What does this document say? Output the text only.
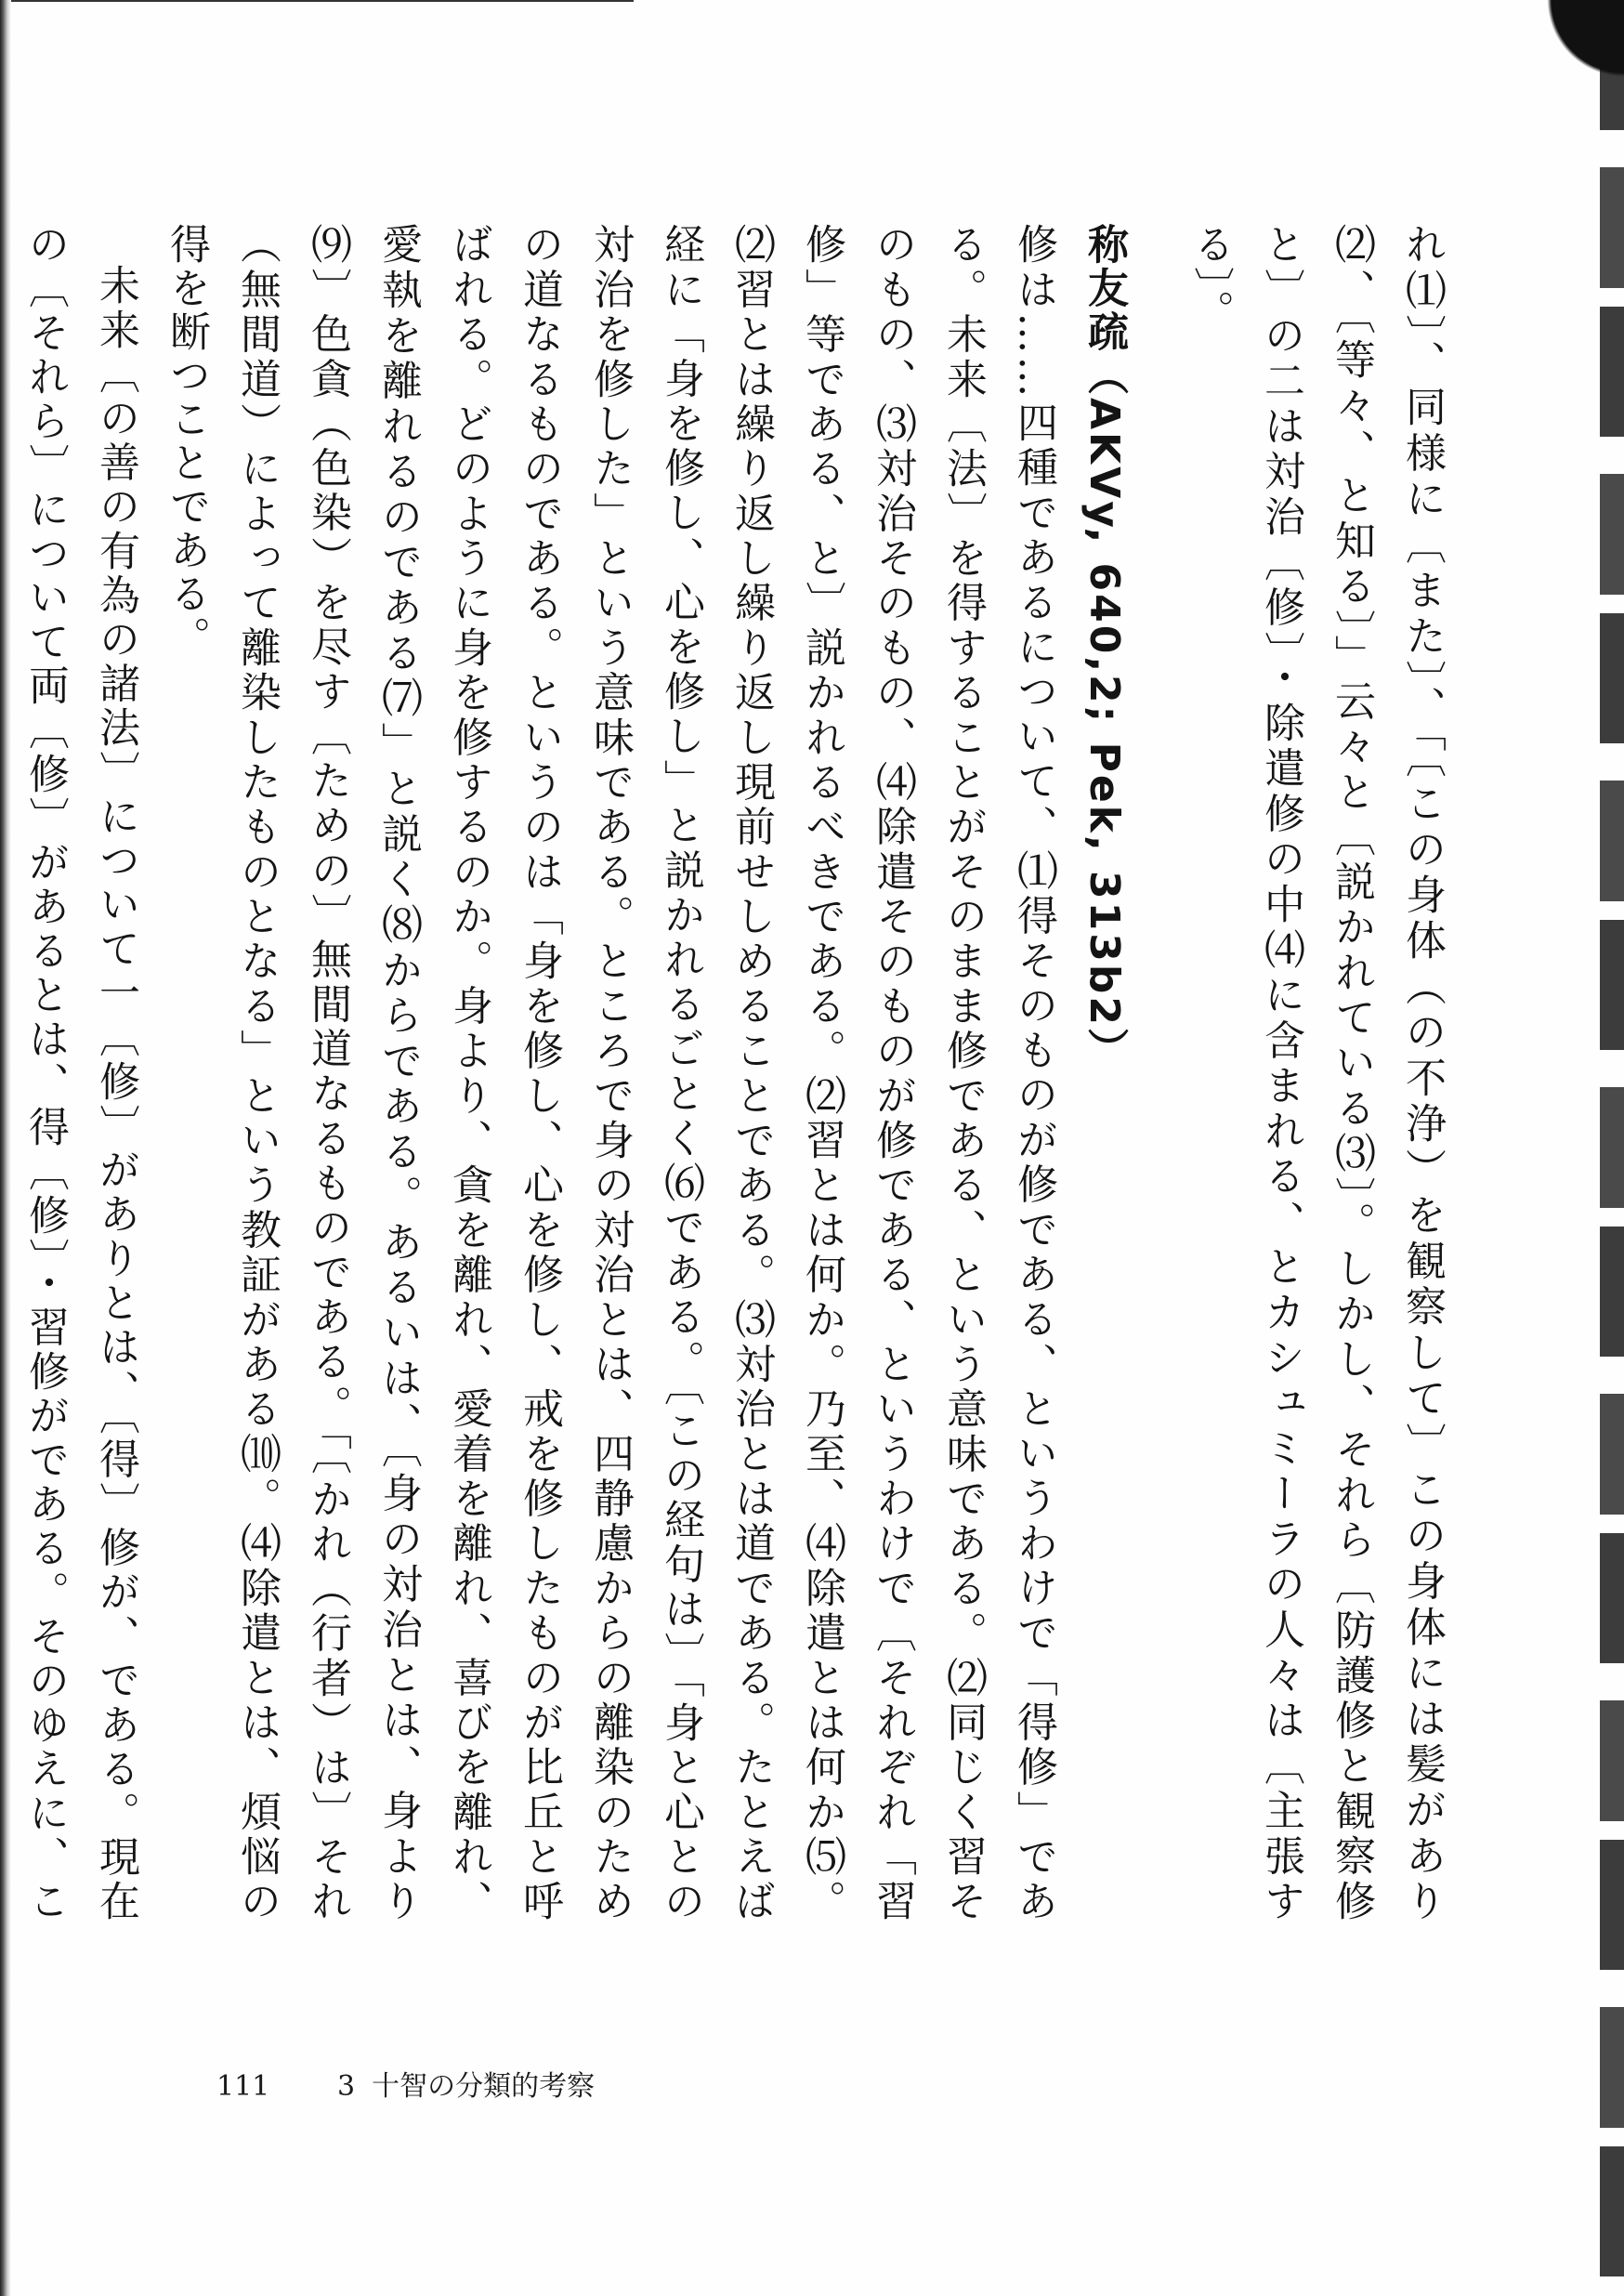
れ⑴〕、同様に〔また〕、「〔この身体（の不浄）を観察して〕この身体には髪があり⑵、〔等々、と知る〕」云々と〔説かれている⑶〕。しかし、それら〔防護修と観察修と〕の二は対治〔修〕・除遣修の中⑷に含まれる、とカシュミーラの人々は〔主張する〕。

称友疏（AKVy, 640,2; Pek, 313b2）

修は……四種であるについて、⑴得そのものが修である、というわけで「得修」である。未来〔法〕を得することがそのまま修である、という意味である。⑵同じく習そのもの、⑶対治そのもの、⑷除遣そのものが修である、というわけで〔それぞれ「習修」等である、と〕説かれるべきである。⑵習とは何か。乃至、⑷除遣とは何か⑸。⑵習とは繰り返し繰り返し現前せしめることである。⑶対治とは道である。たとえば経に「身を修し、心を修し」と説かれるごとく⑹である。〔この経句は〕「身と心との対治を修した」という意味である。ところで身の対治とは、四静慮からの離染のための道なるものである。というのは「身を修し、心を修し、戒を修したものが比丘と呼ばれる。どのように身を修するのか。身より、貪を離れ、愛着を離れ、喜びを離れ、愛執を離れるのである⑺」と説く⑻からである。あるいは、〔身の対治とは、身より⑼〕色貪（色染）を尽す〔ための〕無間道なるものである。「〔かれ（行者）は〕それ（無間道）によって離染したものとなる」という教証がある⑽。⑷除遣とは、煩悩の得を断つことである。

未来〔の善の有為の諸法〕について一〔修〕がありとは、〔得〕修が、である。現在の〔それら〕について両〔修〕があるとは、得〔修〕・習修がである。そのゆえに、こ

111 3 十智の分類的考察
